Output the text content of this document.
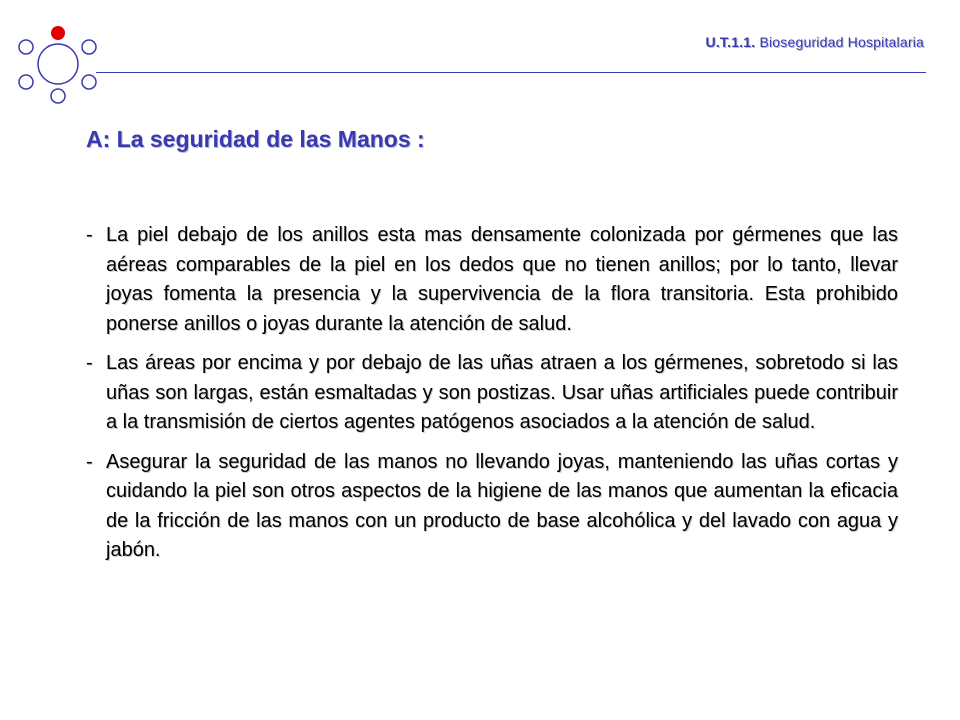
U.T.1.1. Bioseguridad Hospitalaria
A: La seguridad de las Manos :
- La piel debajo de los anillos esta mas densamente colonizada por gérmenes que las aéreas comparables de la piel en los dedos que no tienen anillos; por lo tanto, llevar joyas fomenta la presencia y la supervivencia de la flora transitoria. Esta prohibido ponerse anillos o joyas durante la atención de salud.
- Las áreas por encima y por debajo de las uñas atraen a los gérmenes, sobretodo si las uñas son largas, están esmaltadas y son postizas. Usar uñas artificiales puede contribuir a la transmisión de ciertos agentes patógenos asociados a la atención de salud.
- Asegurar la seguridad de las manos no llevando joyas, manteniendo las uñas cortas y cuidando la piel son otros aspectos de la higiene de las manos que aumentan la eficacia de la fricción de las manos con un producto de base alcohólica y del lavado con agua y jabón.
